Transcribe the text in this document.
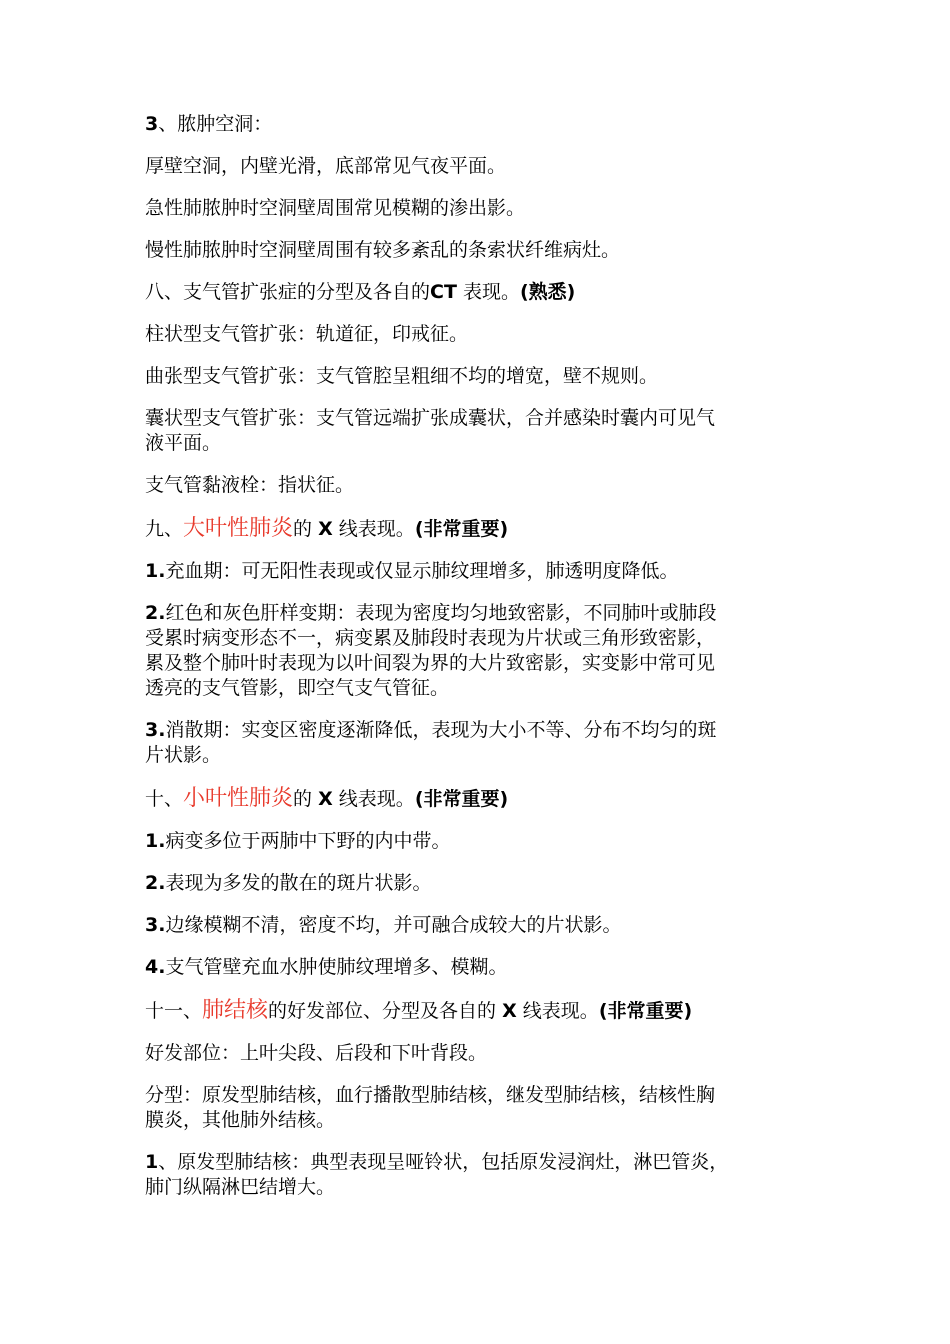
3、脓肿空洞：

厚壁空洞，内壁光滑，底部常见气夜平面。

急性肺脓肿时空洞壁周围常见模糊的渗出影。

慢性肺脓肿时空洞壁周围有较多紊乱的条索状纤维病灶。

八、支气管扩张症的分型及各自的CT 表现。(熟悉)

柱状型支气管扩张：轨道征，印戒征。

曲张型支气管扩张：支气管腔呈粗细不均的增宽，壁不规则。

囊状型支气管扩张：支气管远端扩张成囊状，合并感染时囊内可见气
液平面。

支气管黏液栓：指状征。

九、大叶性肺炎的 X 线表现。(非常重要)

1.充血期：可无阳性表现或仅显示肺纹理增多，肺透明度降低。

2.红色和灰色肝样变期：表现为密度均匀地致密影，不同肺叶或肺段
受累时病变形态不一，病变累及肺段时表现为片状或三角形致密影，
累及整个肺叶时表现为以叶间裂为界的大片致密影，实变影中常可见
透亮的支气管影，即空气支气管征。

3.消散期：实变区密度逐渐降低，表现为大小不等、分布不均匀的斑
片状影。

十、小叶性肺炎的 X 线表现。(非常重要)

1.病变多位于两肺中下野的内中带。

2.表现为多发的散在的斑片状影。

3.边缘模糊不清，密度不均，并可融合成较大的片状影。

4.支气管壁充血水肿使肺纹理增多、模糊。

十一、肺结核的好发部位、分型及各自的 X 线表现。(非常重要)

好发部位：上叶尖段、后段和下叶背段。

分型：原发型肺结核，血行播散型肺结核，继发型肺结核，结核性胸
膜炎，其他肺外结核。

1、原发型肺结核：典型表现呈哑铃状，包括原发浸润灶，淋巴管炎，
肺门纵隔淋巴结增大。
